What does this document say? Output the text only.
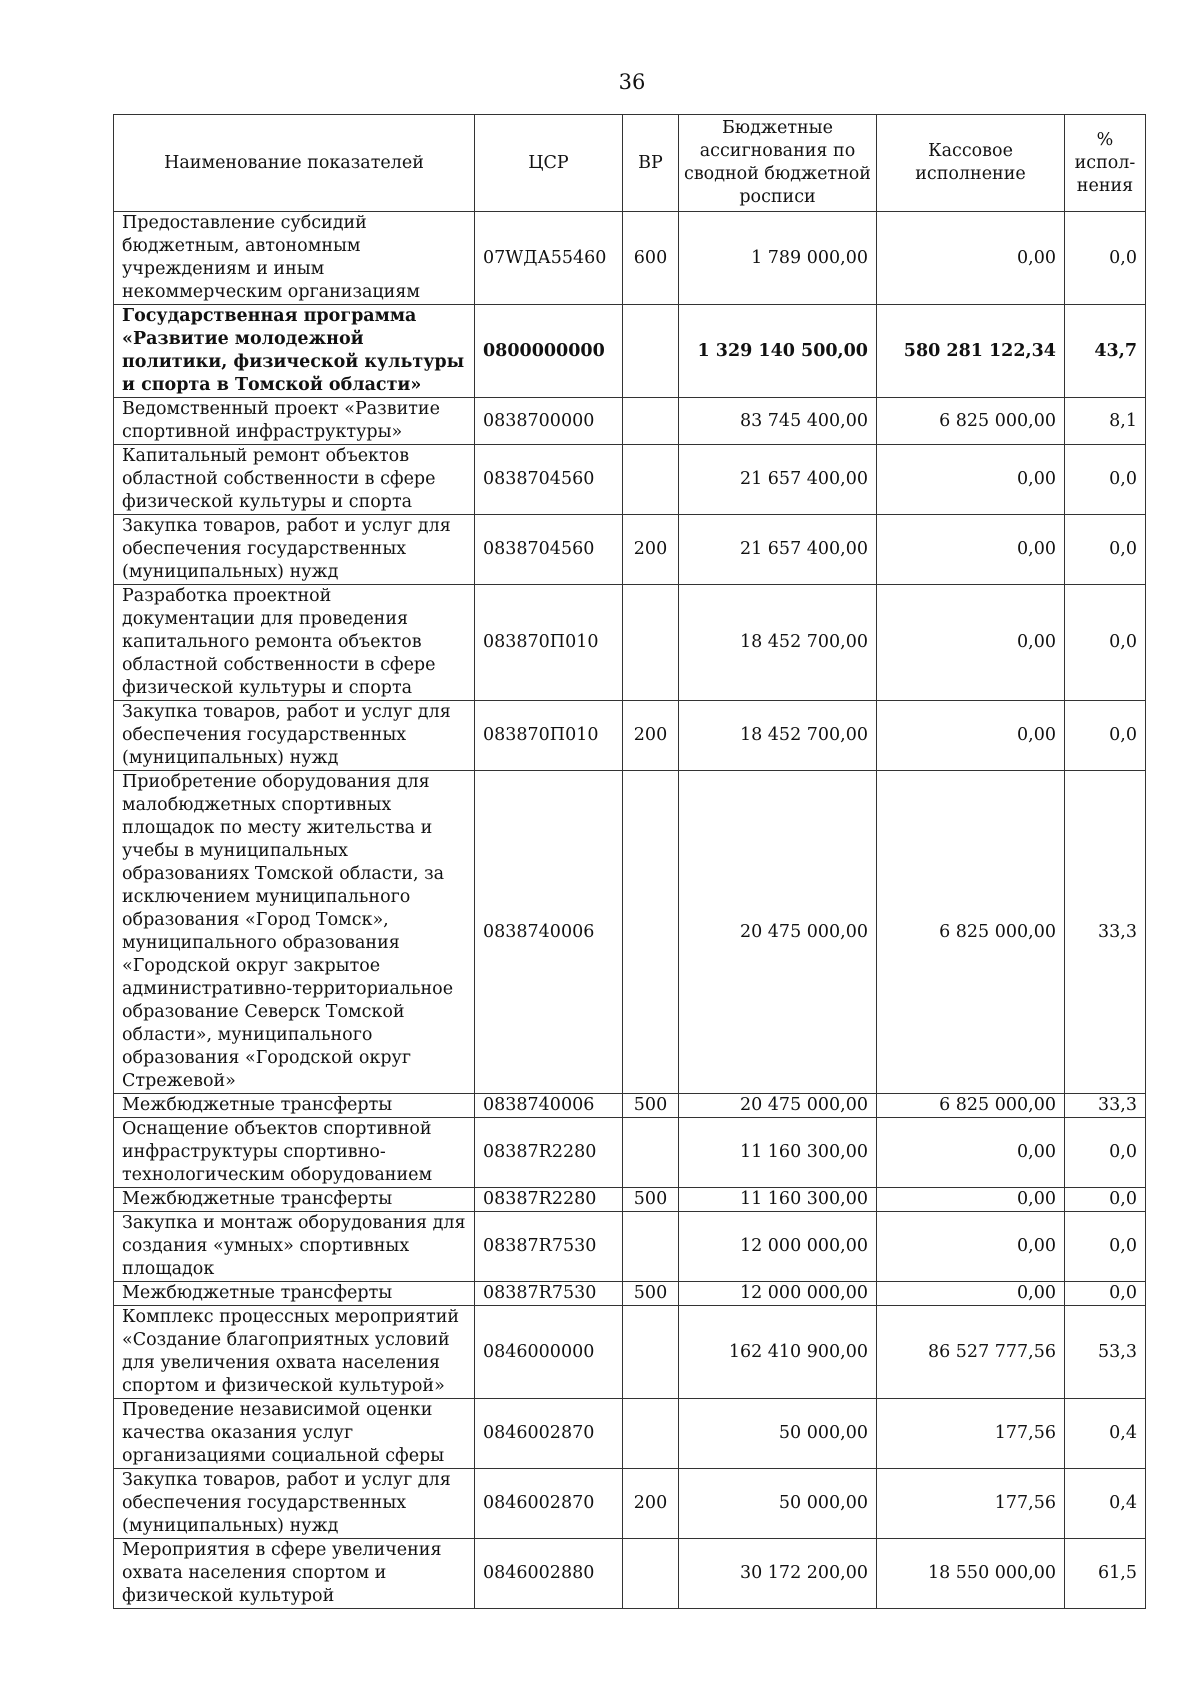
36
Наименование показателей	ЦСР	ВР	Бюджетные ассигнования по сводной бюджетной росписи	Кассовое исполнение	% испол-нения
Предоставление субсидий бюджетным, автономным учреждениям и иным некоммерческим организациям	07WДА55460	600	1 789 000,00	0,00	0,0
Государственная программа «Развитие молодежной политики, физической культуры и спорта в Томской области»	0800000000		1 329 140 500,00	580 281 122,34	43,7
Ведомственный проект «Развитие спортивной инфраструктуры»	0838700000		83 745 400,00	6 825 000,00	8,1
Капитальный ремонт объектов областной собственности в сфере физической культуры и спорта	0838704560		21 657 400,00	0,00	0,0
Закупка товаров, работ и услуг для обеспечения государственных (муниципальных) нужд	0838704560	200	21 657 400,00	0,00	0,0
Разработка проектной документации для проведения капитального ремонта объектов областной собственности в сфере физической культуры и спорта	083870П010		18 452 700,00	0,00	0,0
Закупка товаров, работ и услуг для обеспечения государственных (муниципальных) нужд	083870П010	200	18 452 700,00	0,00	0,0
Приобретение оборудования для малобюджетных спортивных площадок по месту жительства и учебы в муниципальных образованиях Томской области, за исключением муниципального образования «Город Томск», муниципального образования «Городской округ закрытое административно-территориальное образование Северск Томской области», муниципального образования «Городской округ Стрежевой»	0838740006		20 475 000,00	6 825 000,00	33,3
Межбюджетные трансферты	0838740006	500	20 475 000,00	6 825 000,00	33,3
Оснащение объектов спортивной инфраструктуры спортивно-технологическим оборудованием	08387R2280		11 160 300,00	0,00	0,0
Межбюджетные трансферты	08387R2280	500	11 160 300,00	0,00	0,0
Закупка и монтаж оборудования для создания «умных» спортивных площадок	08387R7530		12 000 000,00	0,00	0,0
Межбюджетные трансферты	08387R7530	500	12 000 000,00	0,00	0,0
Комплекс процессных мероприятий «Создание благоприятных условий для увеличения охвата населения спортом и физической культурой»	0846000000		162 410 900,00	86 527 777,56	53,3
Проведение независимой оценки качества оказания услуг организациями социальной сферы	0846002870		50 000,00	177,56	0,4
Закупка товаров, работ и услуг для обеспечения государственных (муниципальных) нужд	0846002870	200	50 000,00	177,56	0,4
Мероприятия в сфере увеличения охвата населения спортом и физической культурой	0846002880		30 172 200,00	18 550 000,00	61,5
